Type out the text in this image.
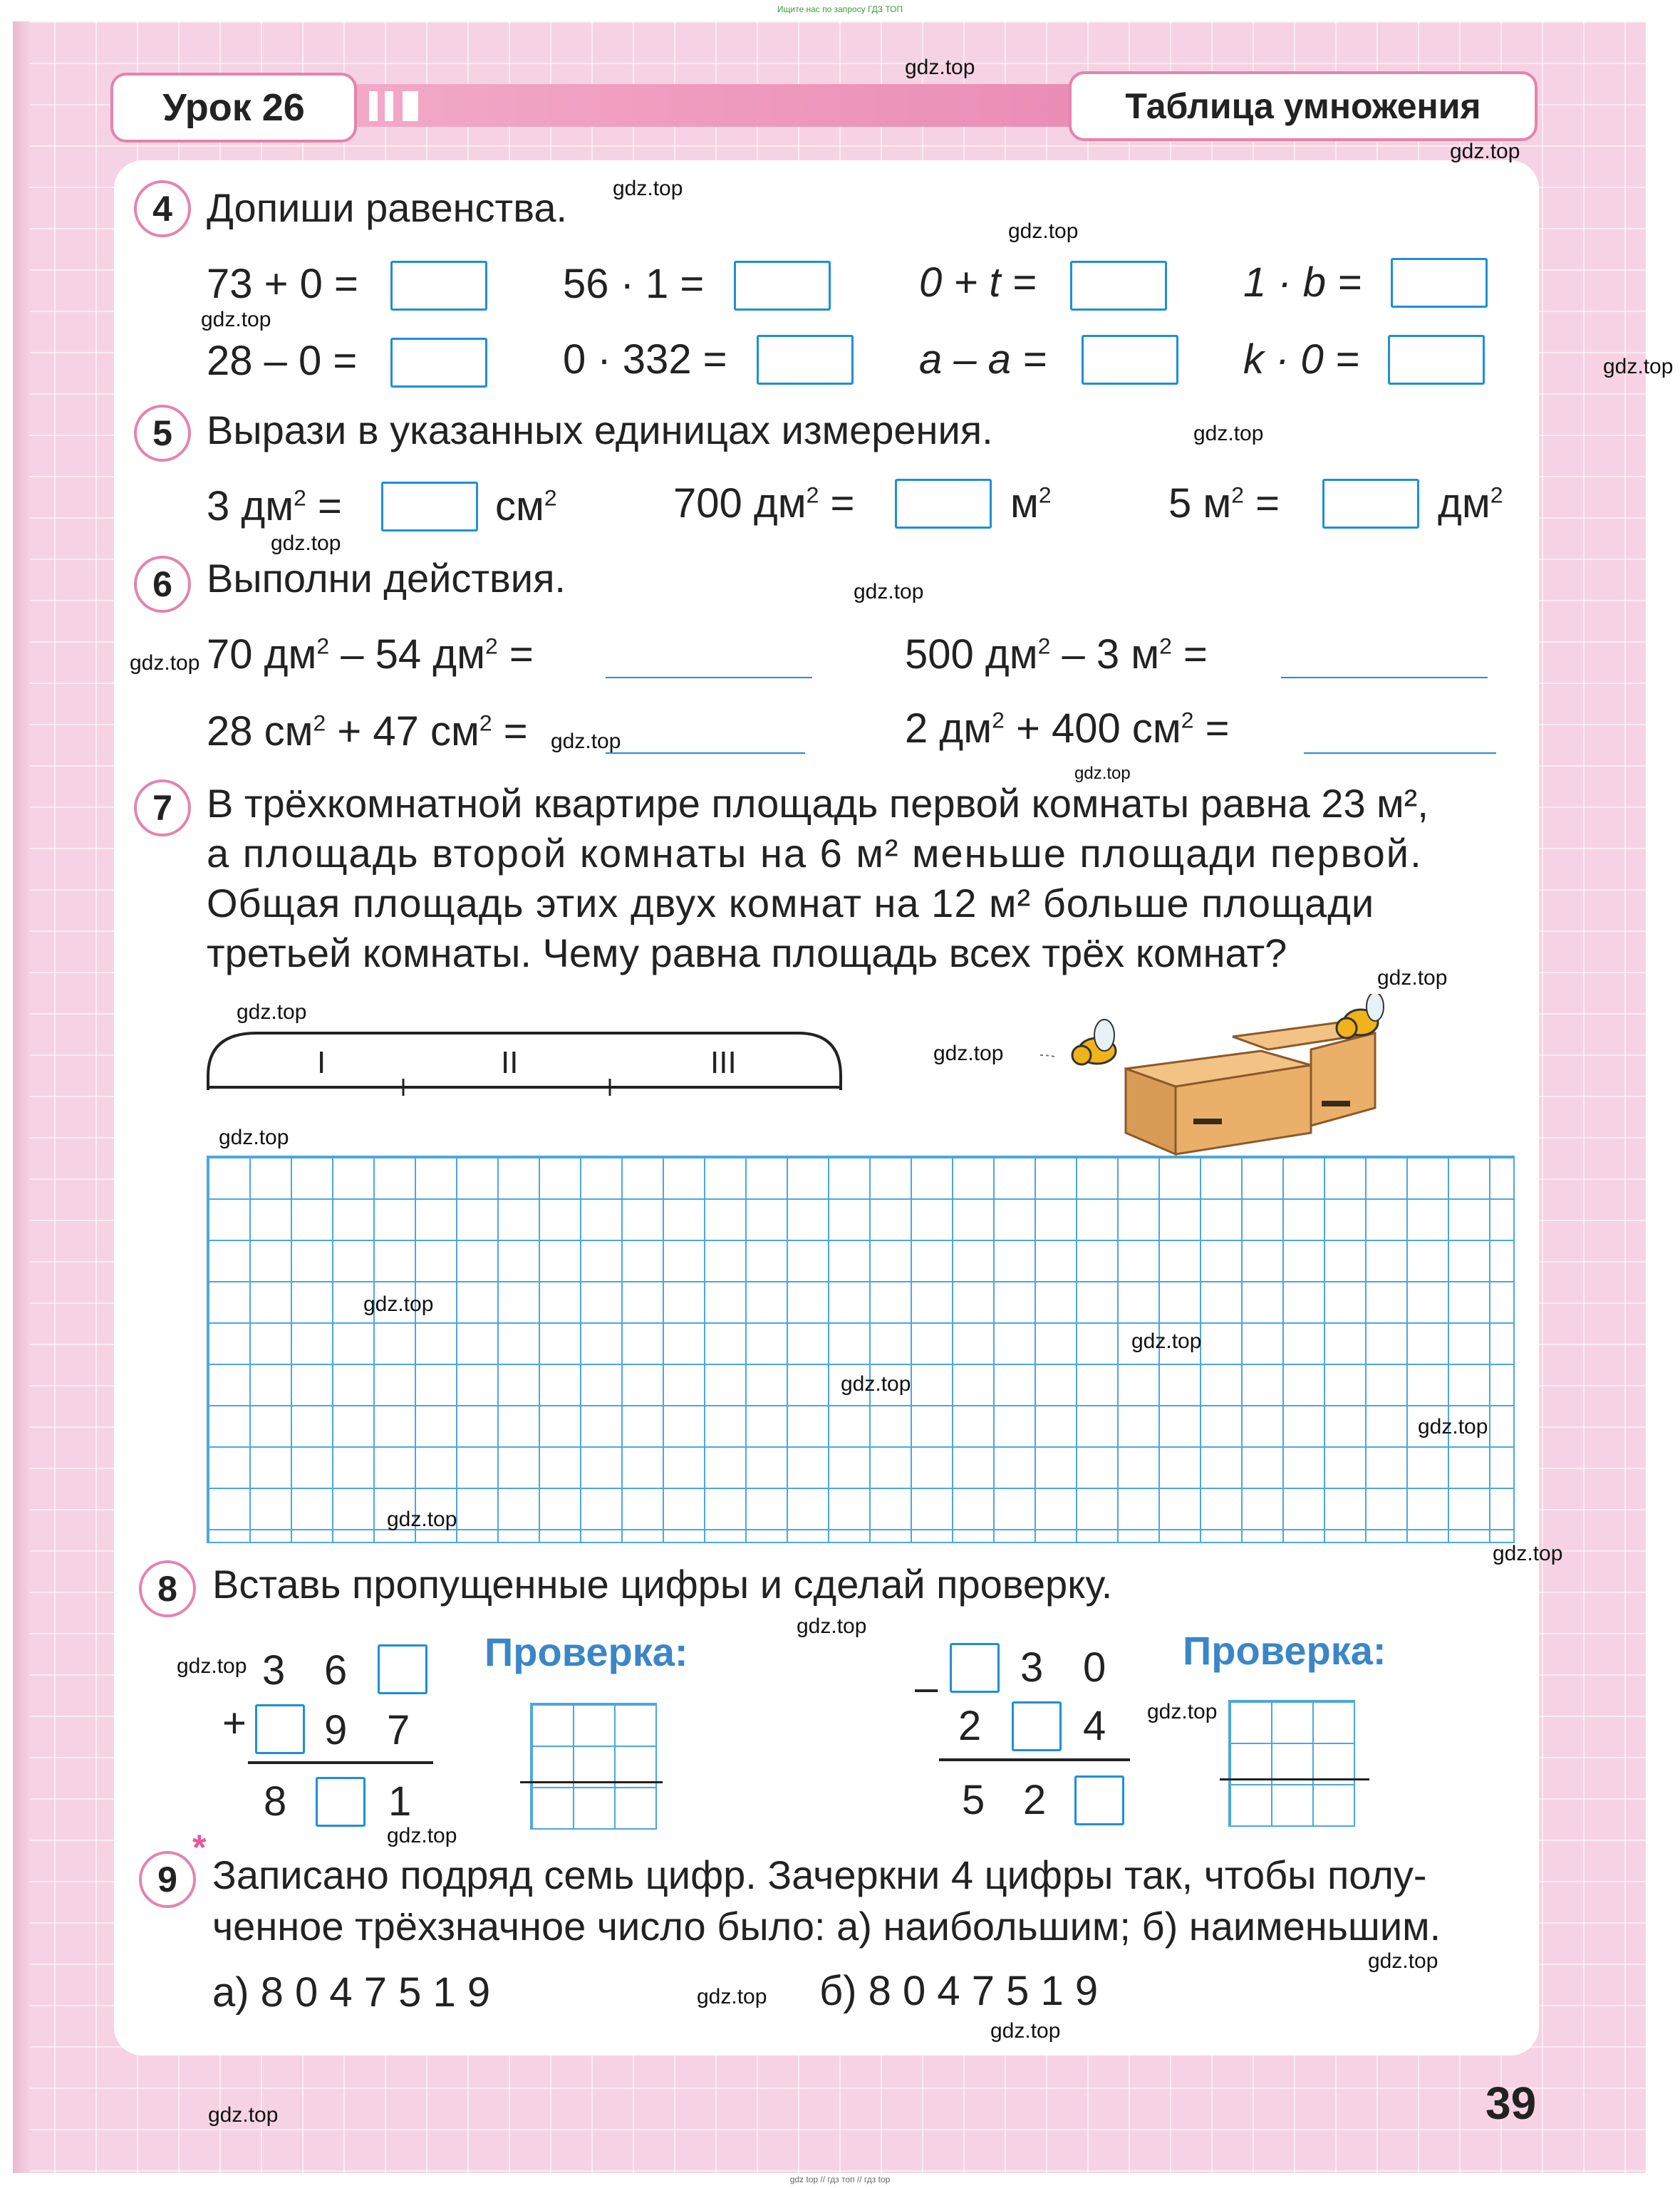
Ищите нас по запросу ГДЗ ТОП
Урок 26	Таблица умножения
4 Допиши равенства.
73 + 0 =	56 · 1 =	0 + t =	1 · b =
28 – 0 =	0 · 332 =	a – a =	k · 0 =
5 Вырази в указанных единицах измерения.
3 $дм^2$ =	$см^2$	700 $дм^2$ =	$м^2$	5 $м^2$ =	$дм^2$
6 Выполни действия.
70 $дм^2 - 54$ $дм^2$ =	500 $дм^2 - 3$ $м^2$ =
28 $см^2 + 47$ $см^2$ =	2 $дм^2 + 400$ $см^2$ =
7 В трёхкомнатной квартире площадь первой комнаты равна 23 м²,
а площадь второй комнаты на 6 м² меньше площади первой.
Общая площадь этих двух комнат на 12 м² больше площади
третьей комнаты. Чему равна площадь всех трёх комнат?
I	II	III
8 Вставь пропущенные цифры и сделай проверку.
+
3 6
9 7
8 1
Проверка:
– 3 0
2 4
5 2
Проверка:
*
9 Записано подряд семь цифр. Зачеркни 4 цифры так, чтобы полу-
ченное трёхзначное число было: а) наибольшим; б) наименьшим.
а) 8 0 4 7 5 1 9	б) 8 0 4 7 5 1 9
39
gdz.top
gdz.top
gdz.top
gdz.top
gdz.top
gdz.top
gdz.top
gdz.top
gdz.top
gdz.top
gdz.top
gdz.top
gdz.top
gdz.top
gdz.top
gdz.top
gdz.top
gdz.top
gdz.top
gdz.top
gdz.top
gdz.top
gdz.top
gdz.top
gdz.top
gdz.top
gdz.top
gdz.top
gdz.top
gdz.top
gdz top // гдз топ // гдз top
